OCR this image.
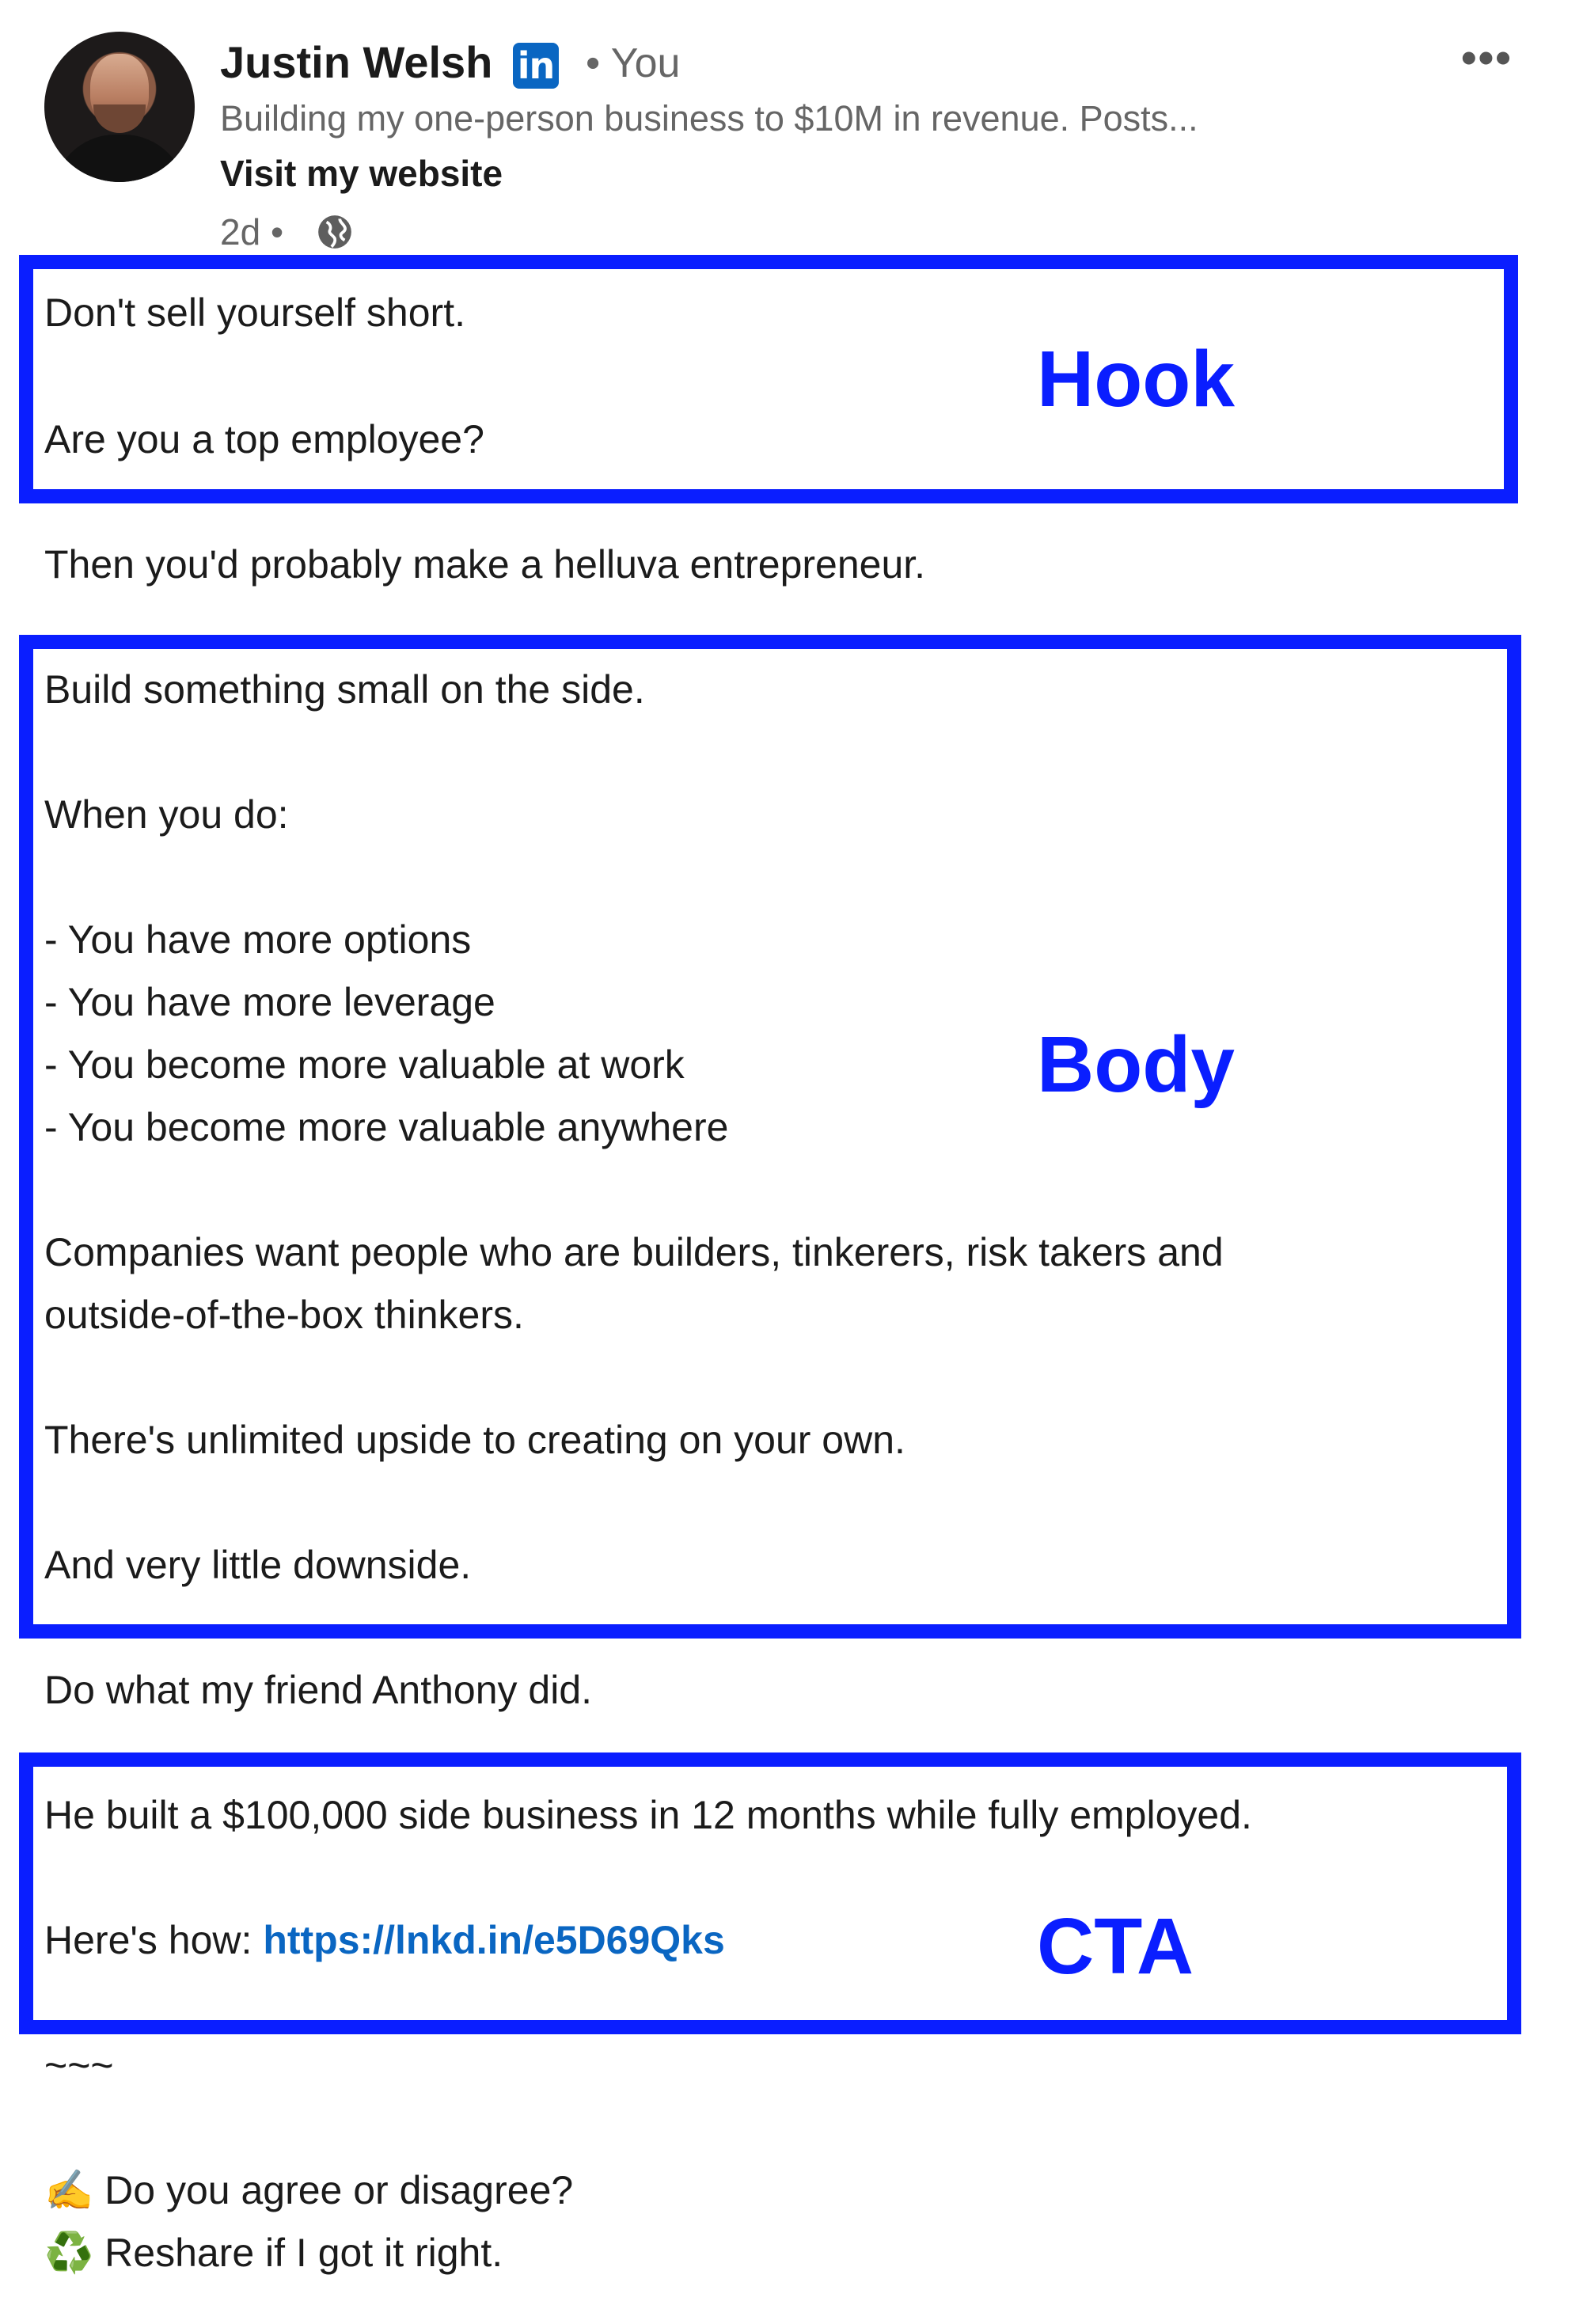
Justin Welsh in • You	•••
Building my one-person business to $10M in revenue. Posts...
Visit my website
2d •
Don't sell yourself short.
Are you a top employee?
Then you'd probably make a helluva entrepreneur.
Build something small on the side.
When you do:
- You have more options
- You have more leverage
- You become more valuable at work
- You become more valuable anywhere
Companies want people who are builders, tinkerers, risk takers and
outside-of-the-box thinkers.
There's unlimited upside to creating on your own.
And very little downside.
Do what my friend Anthony did.
He built a $100,000 side business in 12 months while fully employed.
Here's how: https://lnkd.in/e5D69Qks
~~~
✍️ Do you agree or disagree?
♻️ Reshare if I got it right.
Hook
Body
CTA
